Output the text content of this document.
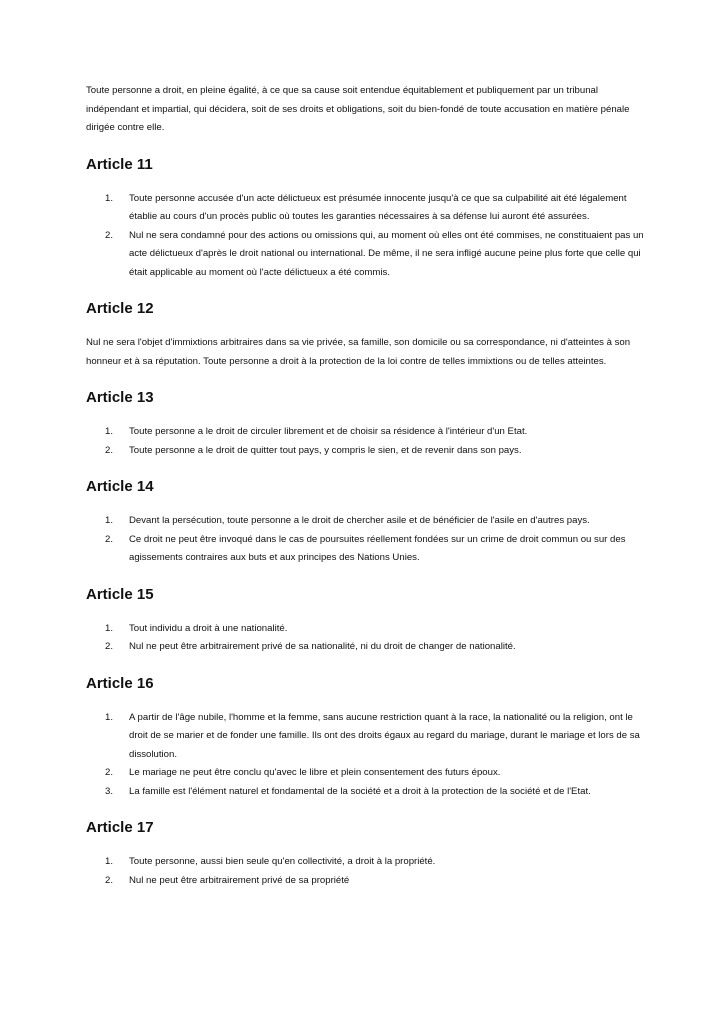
Toute personne a droit, en pleine égalité, à ce que sa cause soit entendue équitablement et publiquement par un tribunal indépendant et impartial, qui décidera, soit de ses droits et obligations, soit du bien-fondé de toute accusation en matière pénale dirigée contre elle.

Article 11
1. Toute personne accusée d'un acte délictueux est présumée innocente jusqu'à ce que sa culpabilité ait été légalement établie au cours d'un procès public où toutes les garanties nécessaires à sa défense lui auront été assurées.
2. Nul ne sera condamné pour des actions ou omissions qui, au moment où elles ont été commises, ne constituaient pas un acte délictueux d'après le droit national ou international. De même, il ne sera infligé aucune peine plus forte que celle qui était applicable au moment où l'acte délictueux a été commis.
Article 12

Nul ne sera l'objet d'immixtions arbitraires dans sa vie privée, sa famille, son domicile ou sa correspondance, ni d'atteintes à son honneur et à sa réputation. Toute personne a droit à la protection de la loi contre de telles immixtions ou de telles atteintes.

Article 13
1. Toute personne a le droit de circuler librement et de choisir sa résidence à l'intérieur d'un Etat.
2. Toute personne a le droit de quitter tout pays, y compris le sien, et de revenir dans son pays.
Article 14
1. Devant la persécution, toute personne a le droit de chercher asile et de bénéficier de l'asile en d'autres pays.
2. Ce droit ne peut être invoqué dans le cas de poursuites réellement fondées sur un crime de droit commun ou sur des agissements contraires aux buts et aux principes des Nations Unies.
Article 15
1. Tout individu a droit à une nationalité.
2. Nul ne peut être arbitrairement privé de sa nationalité, ni du droit de changer de nationalité.
Article 16
1. A partir de l'âge nubile, l'homme et la femme, sans aucune restriction quant à la race, la nationalité ou la religion, ont le droit de se marier et de fonder une famille. Ils ont des droits égaux au regard du mariage, durant le mariage et lors de sa dissolution.
2. Le mariage ne peut être conclu qu'avec le libre et plein consentement des futurs époux.
3. La famille est l'élément naturel et fondamental de la société et a droit à la protection de la société et de l'Etat.
Article 17
1. Toute personne, aussi bien seule qu'en collectivité, a droit à la propriété.
2. Nul ne peut être arbitrairement privé de sa propriété
